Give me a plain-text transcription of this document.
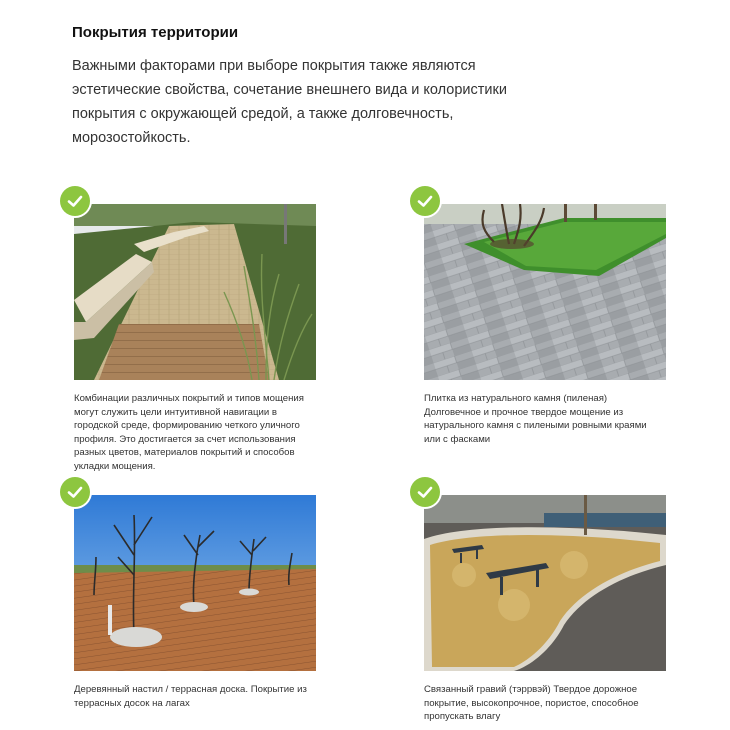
Покрытия территории
Важными факторами при выборе покрытия также являются эстетические свойства, сочетание внешнего вида и колористики покрытия с окружающей средой, а также долговечность, морозостойкость.
Комбинации различных покрытий и типов мощения могут служить цели интуитивной навигации в городской среде, формированию четкого уличного профиля. Это достигается за счет использования разных цветов, материалов покрытий и способов укладки мощения.
Плитка из натурального камня (пиленая) Долговечное и прочное твердое мощение из натурального камня с пилеными ровными краями или с фасками
Деревянный настил / террасная доска. Покрытие из террасных досок на лагах
Связанный гравий (тэррвэй) Твердое дорожное покрытие, высокопрочное, пористое, способное пропускать влагу
